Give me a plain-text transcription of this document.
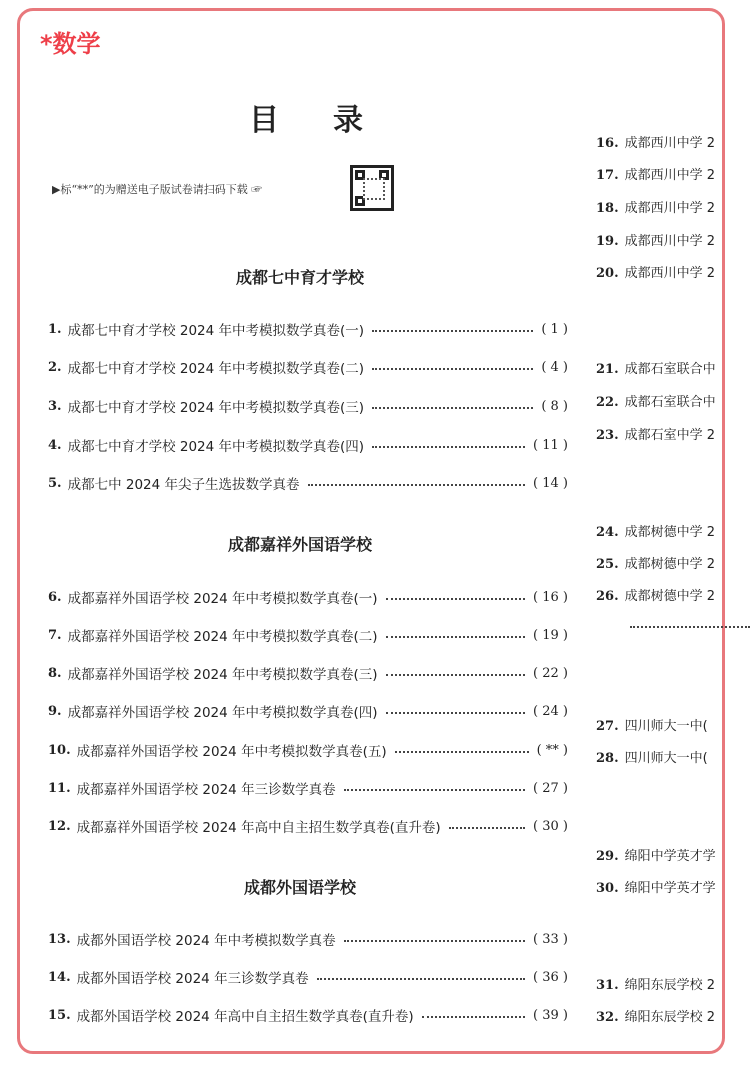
*数学
目录
▶标“**”的为赠送电子版试卷请扫码下载 ☞
成都七中育才学校
成都嘉祥外国语学校
成都外国语学校
1. 成都七中育才学校 2024 年中考模拟数学真卷(一)	( 1 )
2. 成都七中育才学校 2024 年中考模拟数学真卷(二)	( 4 )
3. 成都七中育才学校 2024 年中考模拟数学真卷(三)	( 8 )
4. 成都七中育才学校 2024 年中考模拟数学真卷(四)	( 11 )
5. 成都七中 2024 年尖子生选拔数学真卷	( 14 )
6. 成都嘉祥外国语学校 2024 年中考模拟数学真卷(一)	( 16 )
7. 成都嘉祥外国语学校 2024 年中考模拟数学真卷(二)	( 19 )
8. 成都嘉祥外国语学校 2024 年中考模拟数学真卷(三)	( 22 )
9. 成都嘉祥外国语学校 2024 年中考模拟数学真卷(四)	( 24 )
10. 成都嘉祥外国语学校 2024 年中考模拟数学真卷(五)	( ** )
11. 成都嘉祥外国语学校 2024 年三诊数学真卷	( 27 )
12. 成都嘉祥外国语学校 2024 年高中自主招生数学真卷(直升卷)	( 30 )
13. 成都外国语学校 2024 年中考模拟数学真卷	( 33 )
14. 成都外国语学校 2024 年三诊数学真卷	( 36 )
15. 成都外国语学校 2024 年高中自主招生数学真卷(直升卷)	( 39 )
16. 成都西川中学 2
17. 成都西川中学 2
18. 成都西川中学 2
19. 成都西川中学 2
20. 成都西川中学 2
21. 成都石室联合中
22. 成都石室联合中
23. 成都石室中学 2
24. 成都树德中学 2
25. 成都树德中学 2
26. 成都树德中学 2
27. 四川师大一中(
28. 四川师大一中(
29. 绵阳中学英才学
30. 绵阳中学英才学
31. 绵阳东辰学校 2
32. 绵阳东辰学校 2
